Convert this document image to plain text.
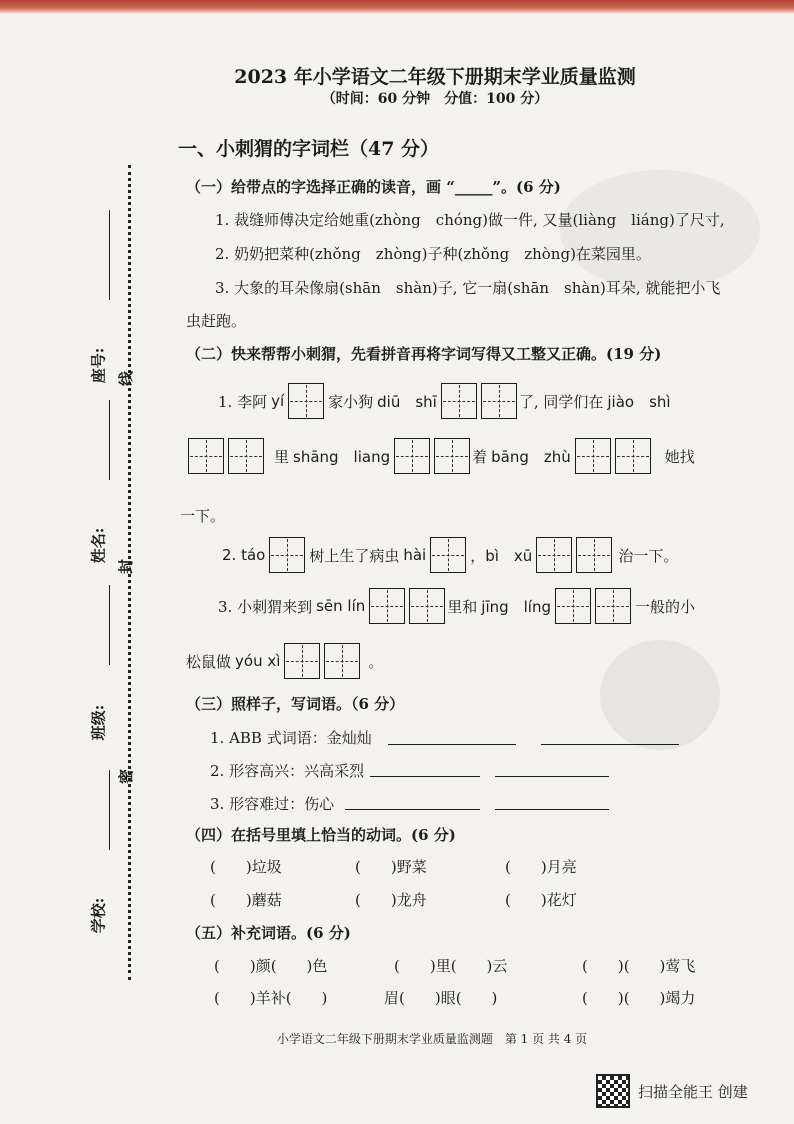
2023 年小学语文二年级下册期末学业质量监测
（时间：60 分钟　分值：100 分）
学校:
班级:
姓名:
座号:
密
封
线
一、小刺猬的字词栏（47 分）
（一）给带点的字选择正确的读音，画 “_____”。(6 分)
1. 裁缝师傅决定给她重(zhòng　chóng)做一件, 又量(liàng　liáng)了尺寸,
2. 奶奶把菜种(zhǒng　zhòng)子种(zhǒng　zhòng)在菜园里。
3. 大象的耳朵像扇(shān　shàn)子, 它一扇(shān　shàn)耳朵, 就能把小飞
虫赶跑。
（二）快来帮帮小刺猬，先看拼音再将字词写得又工整又正确。(19 分)
1. 李阿 yí	家小狗 diū　shī	了, 同学们在 jiào　shì
里 shāng　liang	着 bāng　zhù	她找
一下。
2. táo	树上生了病虫 hài	，bì　xū	治一下。
3. 小刺猬来到 sēn lín	里和 jīng　líng	一般的小
松鼠做 yóu xì	。
（三）照样子，写词语。（6 分）
1. ABB 式词语：金灿灿
2. 形容高兴：兴高采烈
3. 形容难过：伤心
（四）在括号里填上恰当的动词。(6 分)
(　　)垃圾	(　　)野菜	(　　)月亮
(　　)蘑菇	(　　)龙舟	(　　)花灯
（五）补充词语。(6 分)
(　　)颜(　　)色	(　　)里(　　)云	(　　)(　　)莺飞
(　　)羊补(　　)	眉(　　)眼(　　)	(　　)(　　)竭力
小学语文二年级下册期末学业质量监测题　第 1 页 共 4 页
扫描全能王 创建
